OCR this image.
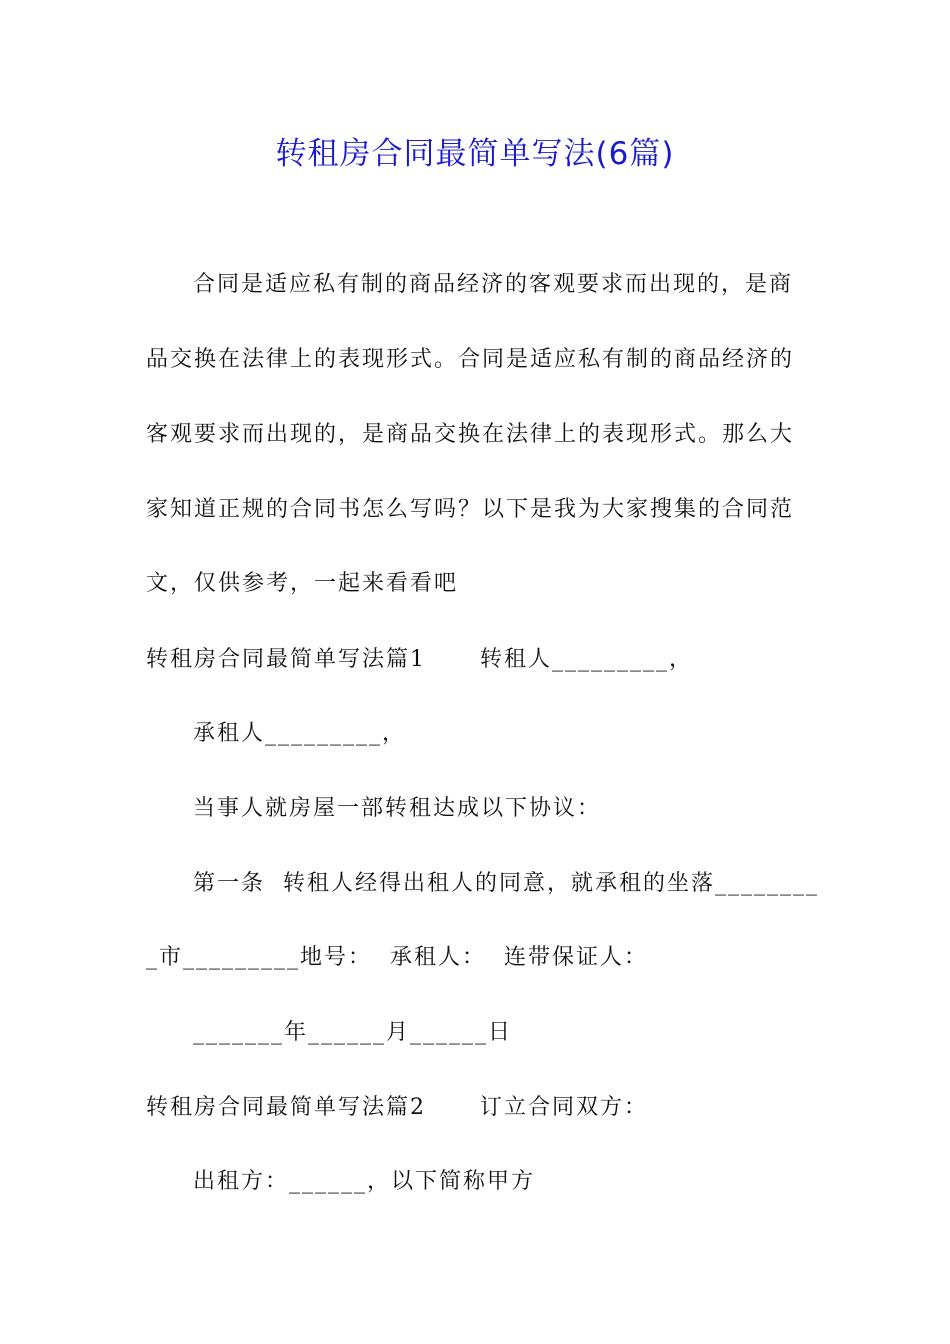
转租房合同最简单写法(6篇)
合同是适应私有制的商品经济的客观要求而出现的，是商
品交换在法律上的表现形式。合同是适应私有制的商品经济的
客观要求而出现的，是商品交换在法律上的表现形式。那么大
家知道正规的合同书怎么写吗？以下是我为大家搜集的合同范
文，仅供参考，一起来看看吧
转租房合同最简单写法篇1      转租人_________，
承租人_________，
当事人就房屋一部转租达成以下协议：
第一条  转租人经得出租人的同意，就承租的坐落________
_市_________地号：  承租人：  连带保证人：
_______年______月______日
转租房合同最简单写法篇2      订立合同双方：
出租方：______，以下简称甲方
